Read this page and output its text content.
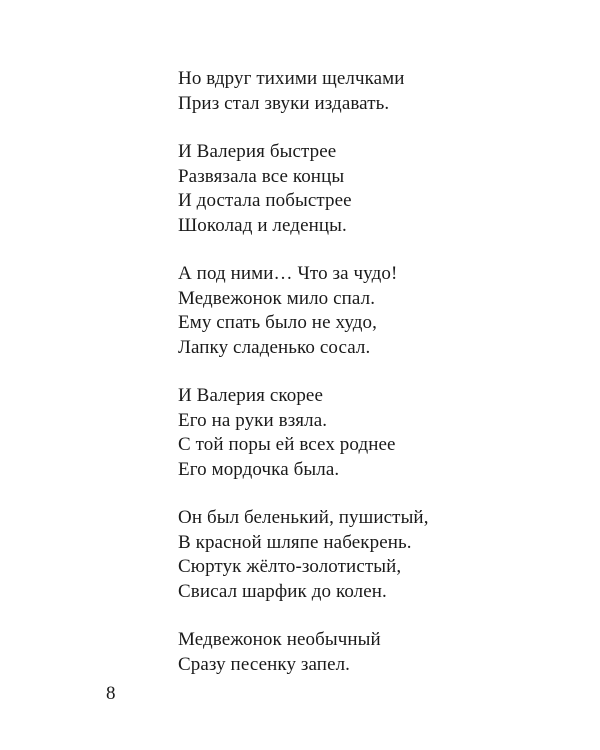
Но вдруг тихими щелчками
Приз стал звуки издавать.
И Валерия быстрее
Развязала все концы
И достала побыстрее
Шоколад и леденцы.
А под ними… Что за чудо!
Медвежонок мило спал.
Ему спать было не худо,
Лапку сладенько сосал.
И Валерия скорее
Его на руки взяла.
С той поры ей всех роднее
Его мордочка была.
Он был беленький, пушистый,
В красной шляпе набекрень.
Сюртук жёлто-золотистый,
Свисал шарфик до колен.
Медвежонок необычный
Сразу песенку запел.
8
